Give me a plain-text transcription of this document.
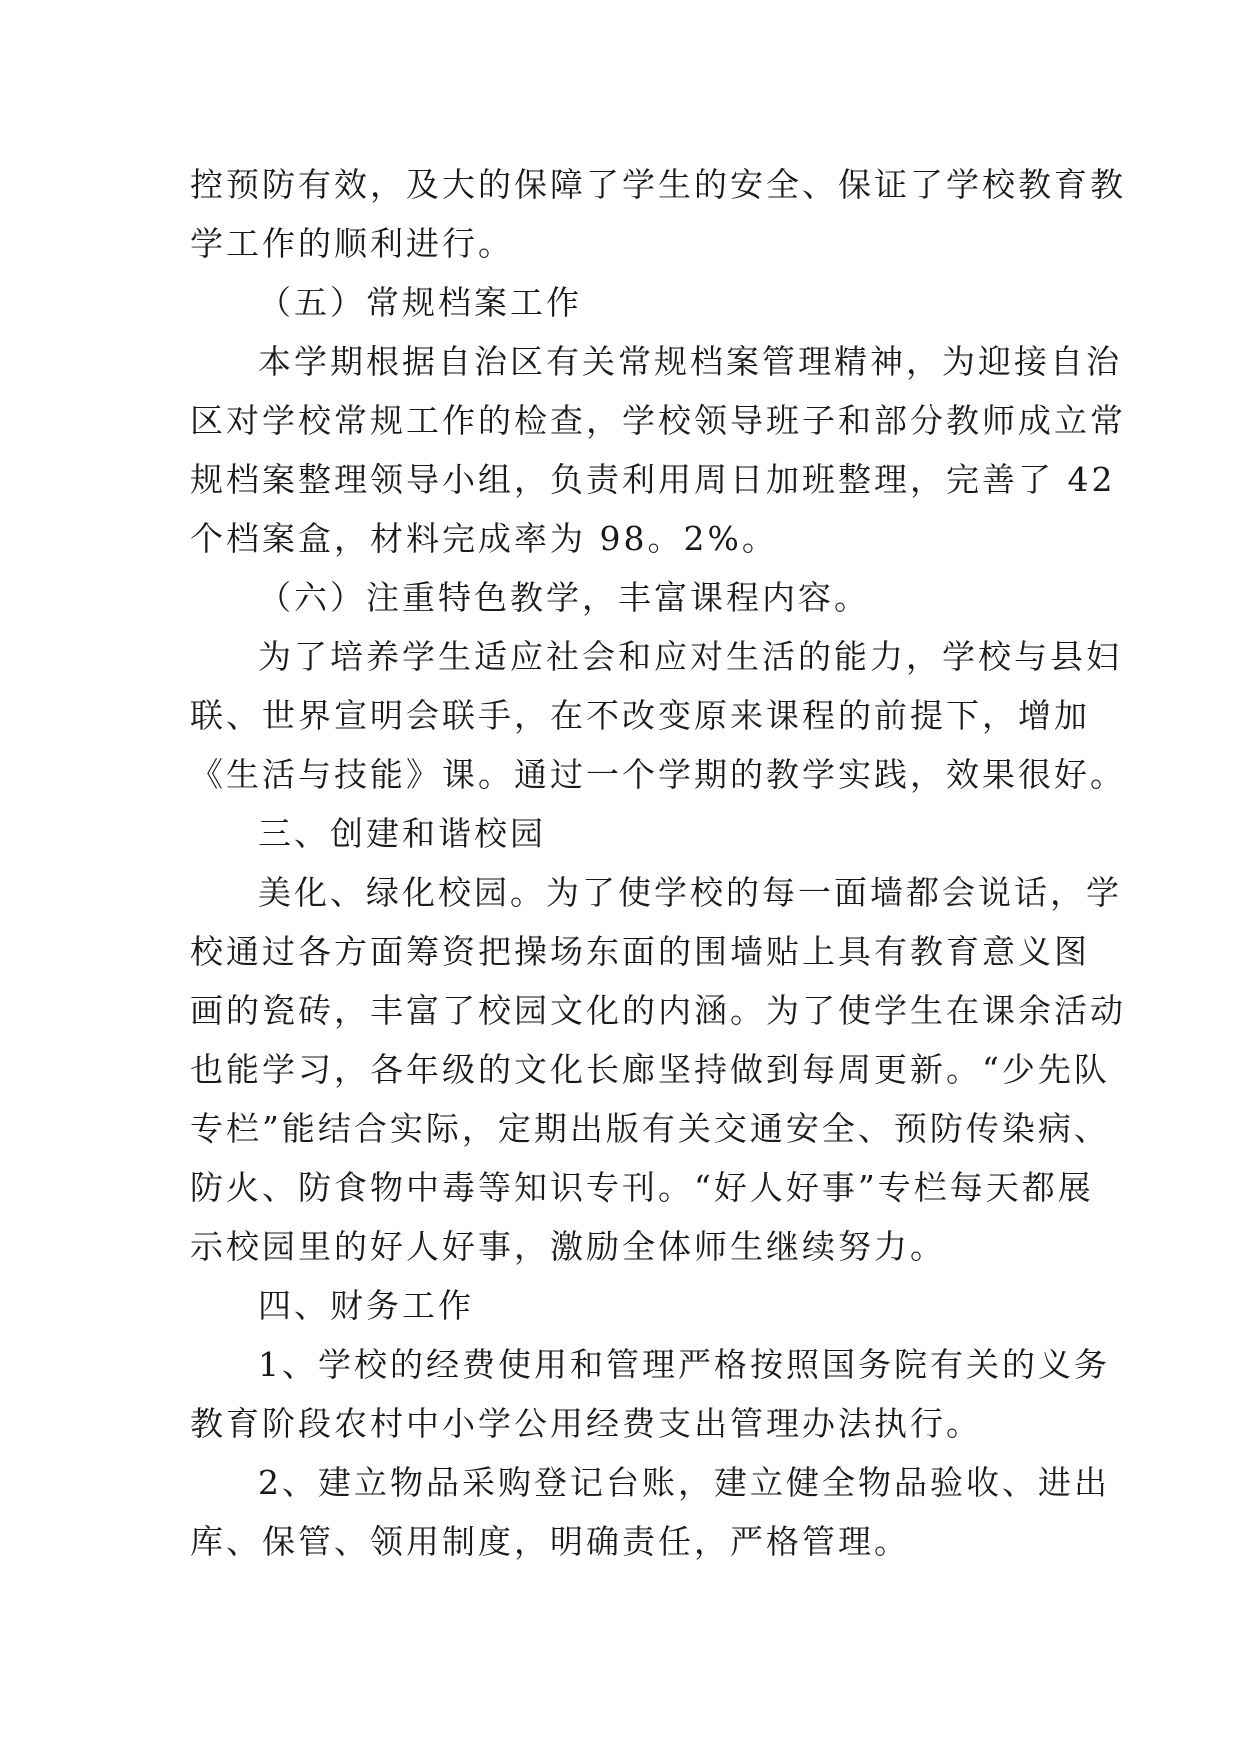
控预防有效，及大的保障了学生的安全、保证了学校教育教
学工作的顺利进行。
（五）常规档案工作
本学期根据自治区有关常规档案管理精神，为迎接自治
区对学校常规工作的检查，学校领导班子和部分教师成立常
规档案整理领导小组，负责利用周日加班整理，完善了 42
个档案盒，材料完成率为 98。2%。
（六）注重特色教学，丰富课程内容。
为了培养学生适应社会和应对生活的能力，学校与县妇
联、世界宣明会联手，在不改变原来课程的前提下，增加
《生活与技能》课。通过一个学期的教学实践，效果很好。
三、创建和谐校园
美化、绿化校园。为了使学校的每一面墙都会说话，学
校通过各方面筹资把操场东面的围墙贴上具有教育意义图
画的瓷砖，丰富了校园文化的内涵。为了使学生在课余活动
也能学习，各年级的文化长廊坚持做到每周更新。“少先队
专栏”能结合实际，定期出版有关交通安全、预防传染病、
防火、防食物中毒等知识专刊。“好人好事”专栏每天都展
示校园里的好人好事，激励全体师生继续努力。
四、财务工作
1、学校的经费使用和管理严格按照国务院有关的义务
教育阶段农村中小学公用经费支出管理办法执行。
2、建立物品采购登记台账，建立健全物品验收、进出
库、保管、领用制度，明确责任，严格管理。
